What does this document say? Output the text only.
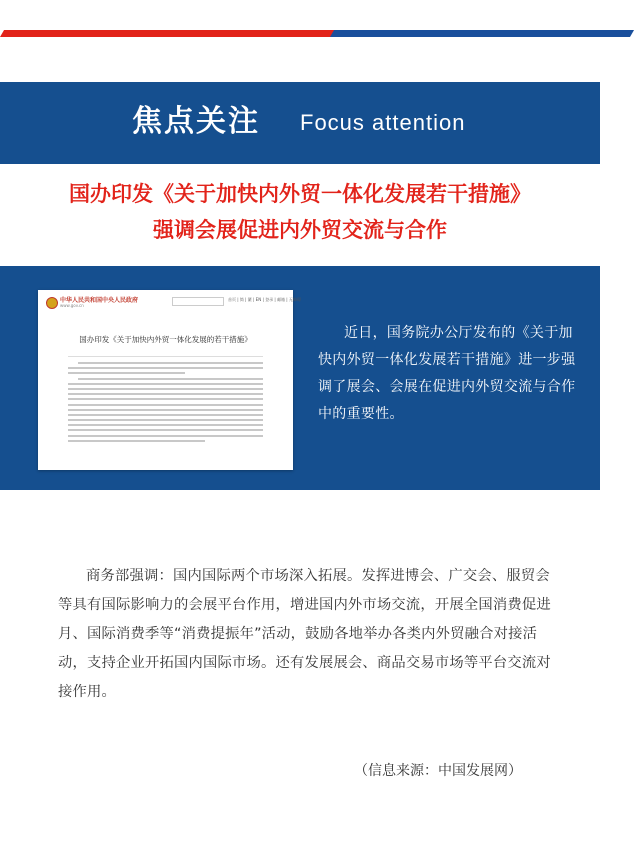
焦点关注 Focus attention
国办印发《关于加快内外贸一体化发展若干措施》
强调会展促进内外贸交流与合作
中华人民共和国中央人民政府
www.gov.cn
首页 | 简 | 繁 | EN | 登录 | 邮箱 | 无障碍
国办印发《关于加快内外贸一体化发展的若干措施》	近日，国务院办公厅发布的《关于加快内外贸一体化发展若干措施》进一步强调了展会、会展在促进内外贸交流与合作中的重要性。
商务部强调：国内国际两个市场深入拓展。发挥进博会、广交会、服贸会等具有国际影响力的会展平台作用，增进国内外市场交流，开展全国消费促进月、国际消费季等“消费提振年”活动，鼓励各地举办各类内外贸融合对接活动，支持企业开拓国内国际市场。还有发展展会、商品交易市场等平台交流对接作用。
（信息来源：中国发展网）
